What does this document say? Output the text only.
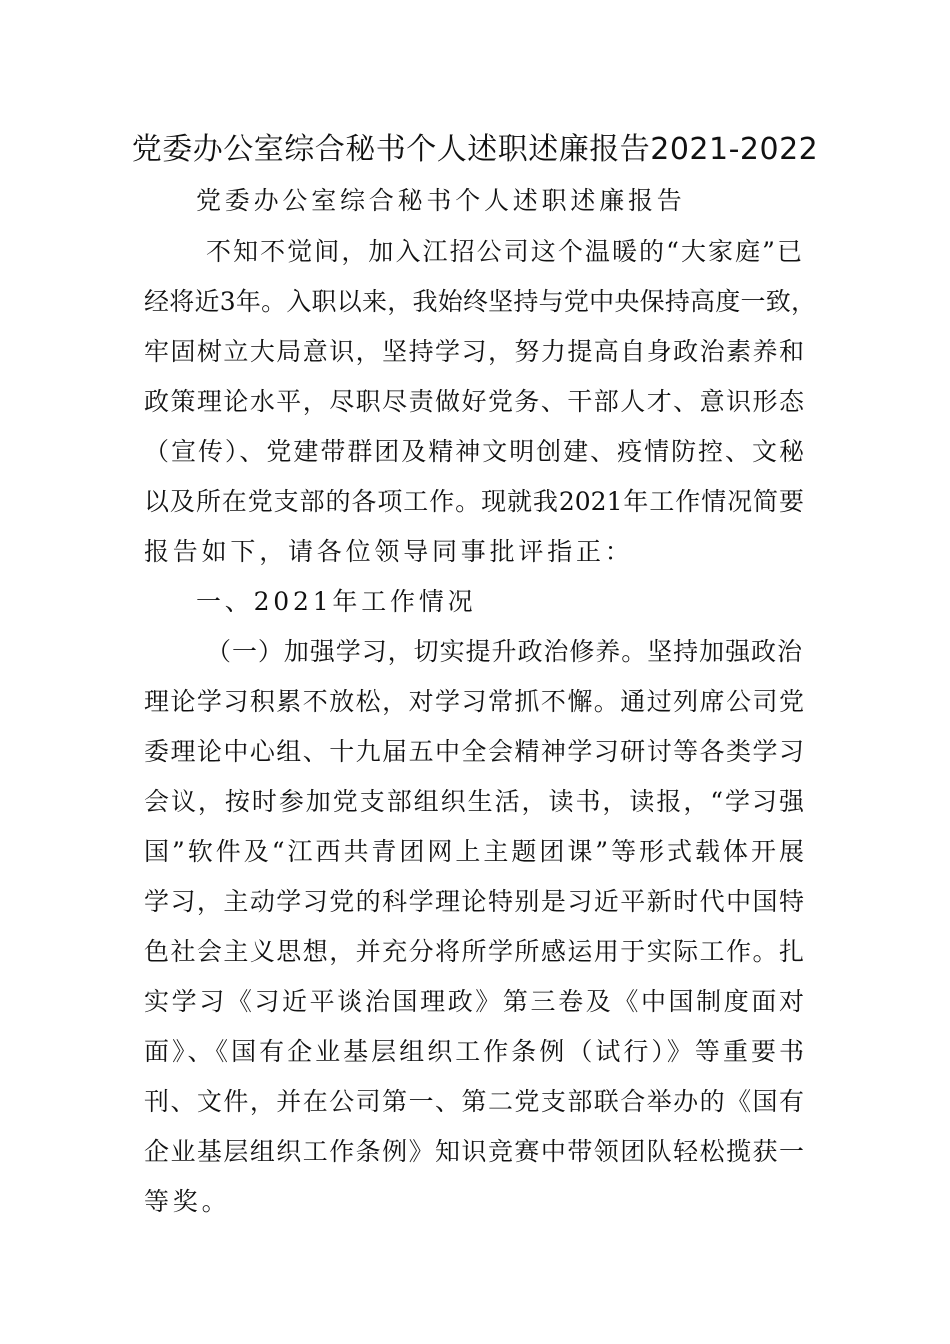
党委办公室综合秘书个人述职述廉报告2021-2022

党委办公室综合秘书个人述职述廉报告

不知不觉间，加入江招公司这个温暖的“大家庭”已

经将近3年。入职以来，我始终坚持与党中央保持高度一致，

牢固树立大局意识，坚持学习，努力提高自身政治素养和

政策理论水平，尽职尽责做好党务、干部人才、意识形态

（宣传）、党建带群团及精神文明创建、疫情防控、文秘

以及所在党支部的各项工作。现就我2021年工作情况简要

报告如下，请各位领导同事批评指正：

一、2021年工作情况

（一）加强学习，切实提升政治修养。坚持加强政治

理论学习积累不放松，对学习常抓不懈。通过列席公司党

委理论中心组、十九届五中全会精神学习研讨等各类学习

会议，按时参加党支部组织生活，读书，读报，“学习强

国”软件及“江西共青团网上主题团课”等形式载体开展

学习，主动学习党的科学理论特别是习近平新时代中国特

色社会主义思想，并充分将所学所感运用于实际工作。扎

实学习《习近平谈治国理政》第三卷及《中国制度面对

面》、《国有企业基层组织工作条例（试行）》等重要书

刊、文件，并在公司第一、第二党支部联合举办的《国有

企业基层组织工作条例》知识竞赛中带领团队轻松揽获一

等奖。
